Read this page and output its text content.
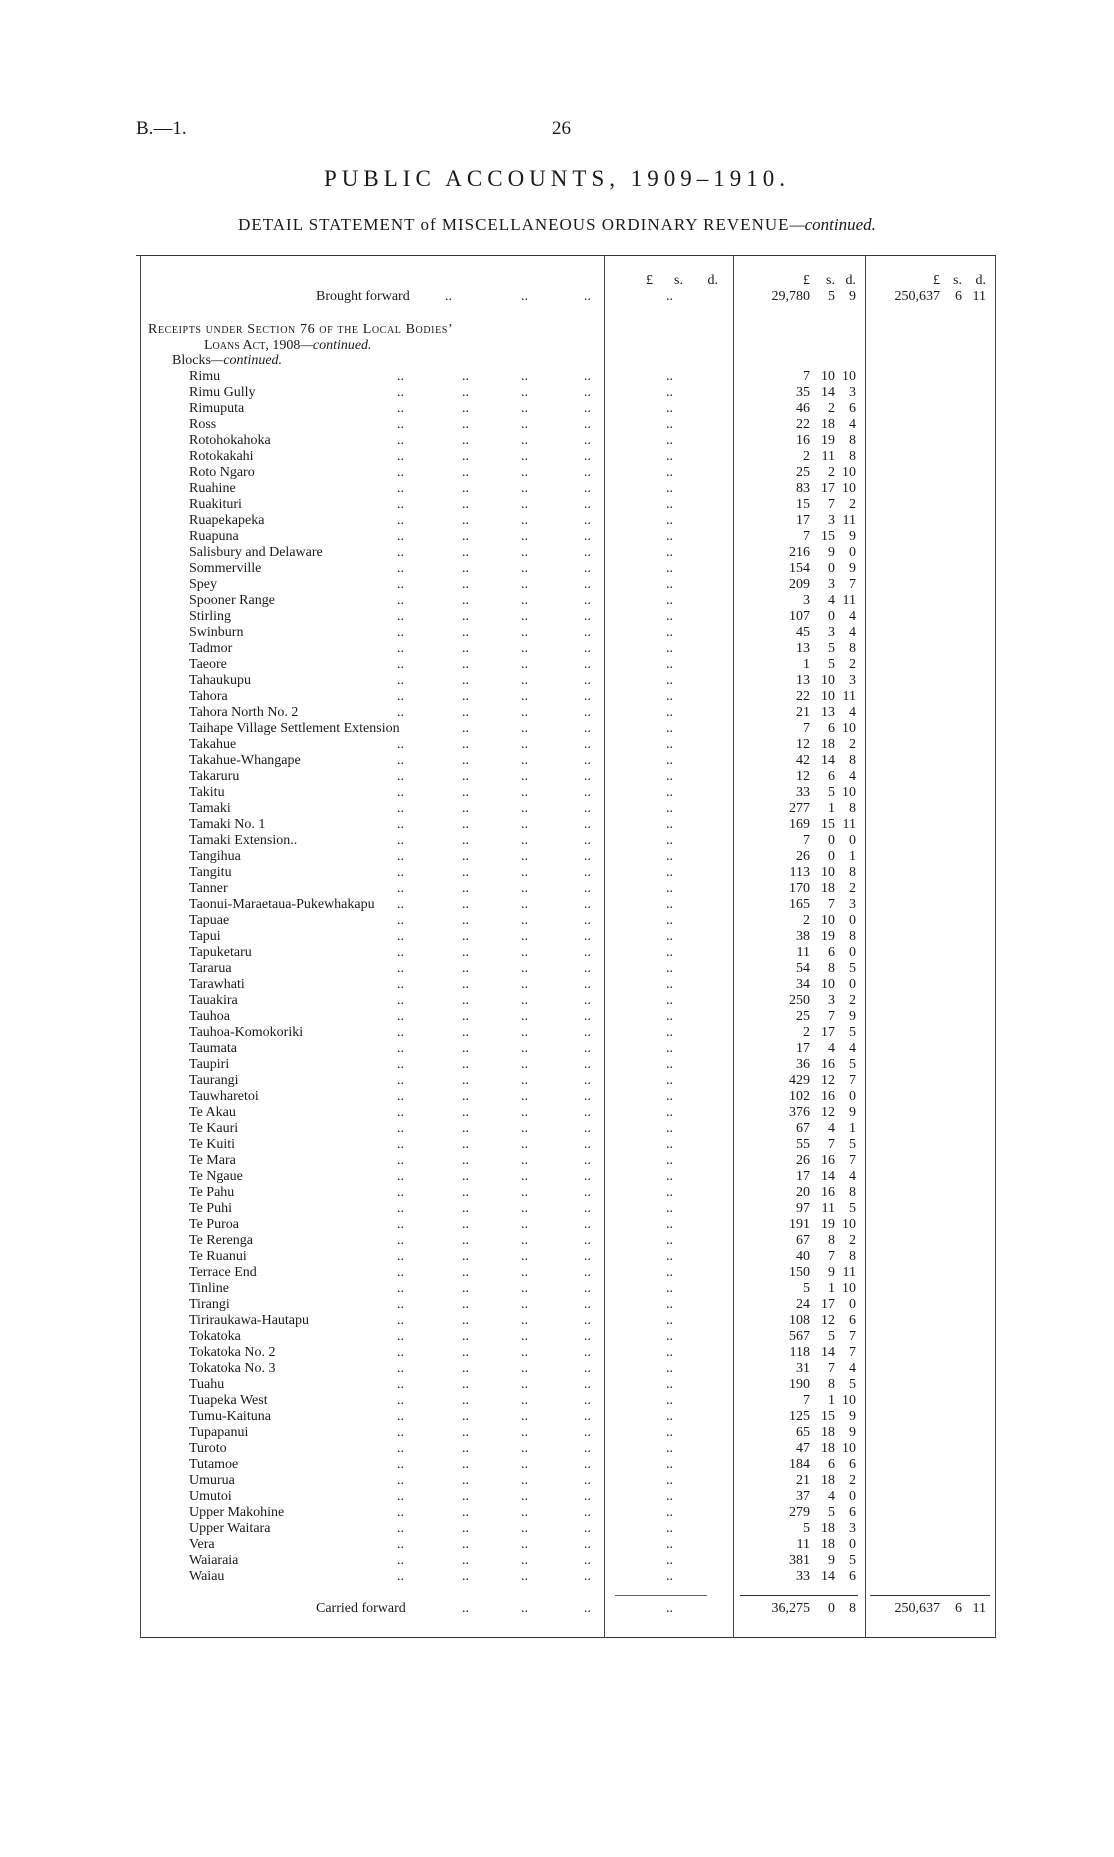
B.—1.	26
PUBLIC ACCOUNTS, 1909–1910.
DETAIL STATEMENT of MISCELLANEOUS ORDINARY REVENUE—continued.
£	s.	d.	£	s. d.	£ s. d.
Brought forward	..	..	..	..	29,780	5	9	250,637	6 11
Receipts under Section 76 of the Local Bodies’
Loans Act, 1908—continued.
Blocks—continued.
Rimu	..	..	..	..	..	7 10 10
Rimu Gully	..	..	..	..	..	35 14	3
Rimuputa	..	..	..	..	..	46	2	6
Ross	..	..	..	..	..	22 18	4
Rotohokahoka	..	..	..	..	..	16 19	8
Rotokakahi	..	..	..	..	..	2 11	8
Roto Ngaro	..	..	..	..	..	25	2 10
Ruahine	..	..	..	..	..	83 17 10
Ruakituri	..	..	..	..	..	15	7	2
Ruapekapeka	..	..	..	..	..	17	3 11
Ruapuna	..	..	..	..	..	7 15	9
Salisbury and Delaware	..	..	..	..	..	216	9	0
Sommerville	..	..	..	..	..	154	0	9
Spey	..	..	..	..	..	209	3	7
Spooner Range	..	..	..	..	..	3	4 11
Stirling	..	..	..	..	..	107	0	4
Swinburn	..	..	..	..	..	45	3	4
Tadmor	..	..	..	..	..	13	5	8
Taeore	..	..	..	..	..	1	5	2
Tahaukupu	..	..	..	..	..	13 10	3
Tahora	..	..	..	..	..	22 10 11
Tahora North No. 2	..	..	..	..	..	21 13	4
Taihape Village Settlement Extension	..	..	..	..	7	6 10
Takahue	..	..	..	..	..	12 18	2
Takahue-Whangape	..	..	..	..	..	42 14	8
Takaruru	..	..	..	..	..	12	6	4
Takitu	..	..	..	..	..	33	5 10
Tamaki	..	..	..	..	..	277	1	8
Tamaki No. 1	..	..	..	..	..	169 15 11
Tamaki Extension..	..	..	..	..	..	7	0	0
Tangihua	..	..	..	..	..	26	0	1
Tangitu	..	..	..	..	..	113 10	8
Tanner	..	..	..	..	..	170 18	2
Taonui-Maraetaua-Pukewhakapu ..	..	..	..	..	165	7	3
Tapuae	..	..	..	..	..	2 10	0
Tapui	..	..	..	..	..	38 19	8
Tapuketaru	..	..	..	..	..	11	6	0
Tararua	..	..	..	..	..	54	8	5
Tarawhati	..	..	..	..	..	34 10	0
Tauakira	..	..	..	..	..	250	3	2
Tauhoa	..	..	..	..	..	25	7	9
Tauhoa-Komokoriki	..	..	..	..	..	2 17	5
Taumata	..	..	..	..	..	17	4	4
Taupiri	..	..	..	..	..	36 16	5
Taurangi	..	..	..	..	..	429 12	7
Tauwharetoi	..	..	..	..	..	102 16	0
Te Akau	..	..	..	..	..	376 12	9
Te Kauri	..	..	..	..	..	67	4	1
Te Kuiti	..	..	..	..	..	55	7	5
Te Mara	..	..	..	..	..	26 16	7
Te Ngaue	..	..	..	..	..	17 14	4
Te Pahu	..	..	..	..	..	20 16	8
Te Puhi	..	..	..	..	..	97 11	5
Te Puroa	..	..	..	..	..	191 19 10
Te Rerenga	..	..	..	..	..	67	8	2
Te Ruanui	..	..	..	..	..	40	7	8
Terrace End	..	..	..	..	..	150	9 11
Tinline	..	..	..	..	..	5	1 10
Tirangi	..	..	..	..	..	24 17	0
Tiriraukawa-Hautapu	..	..	..	..	..	108 12	6
Tokatoka	..	..	..	..	..	567	5	7
Tokatoka No. 2	..	..	..	..	..	118 14	7
Tokatoka No. 3	..	..	..	..	..	31	7	4
Tuahu	..	..	..	..	..	190	8	5
Tuapeka West	..	..	..	..	..	7	1 10
Tumu-Kaituna	..	..	..	..	..	125 15	9
Tupapanui	..	..	..	..	..	65 18	9
Turoto	..	..	..	..	..	47 18 10
Tutamoe	..	..	..	..	..	184	6	6
Umurua	..	..	..	..	..	21 18	2
Umutoi	..	..	..	..	..	37	4	0
Upper Makohine	..	..	..	..	..	279	5	6
Upper Waitara	..	..	..	..	..	5 18	3
Vera	..	..	..	..	..	11 18	0
Waiaraia	..	..	..	..	..	381	9	5
Waiau	..	..	..	..	..	33 14	6
Carried forward	..	..	..	..	36,275	0	8	250,637	6 11
